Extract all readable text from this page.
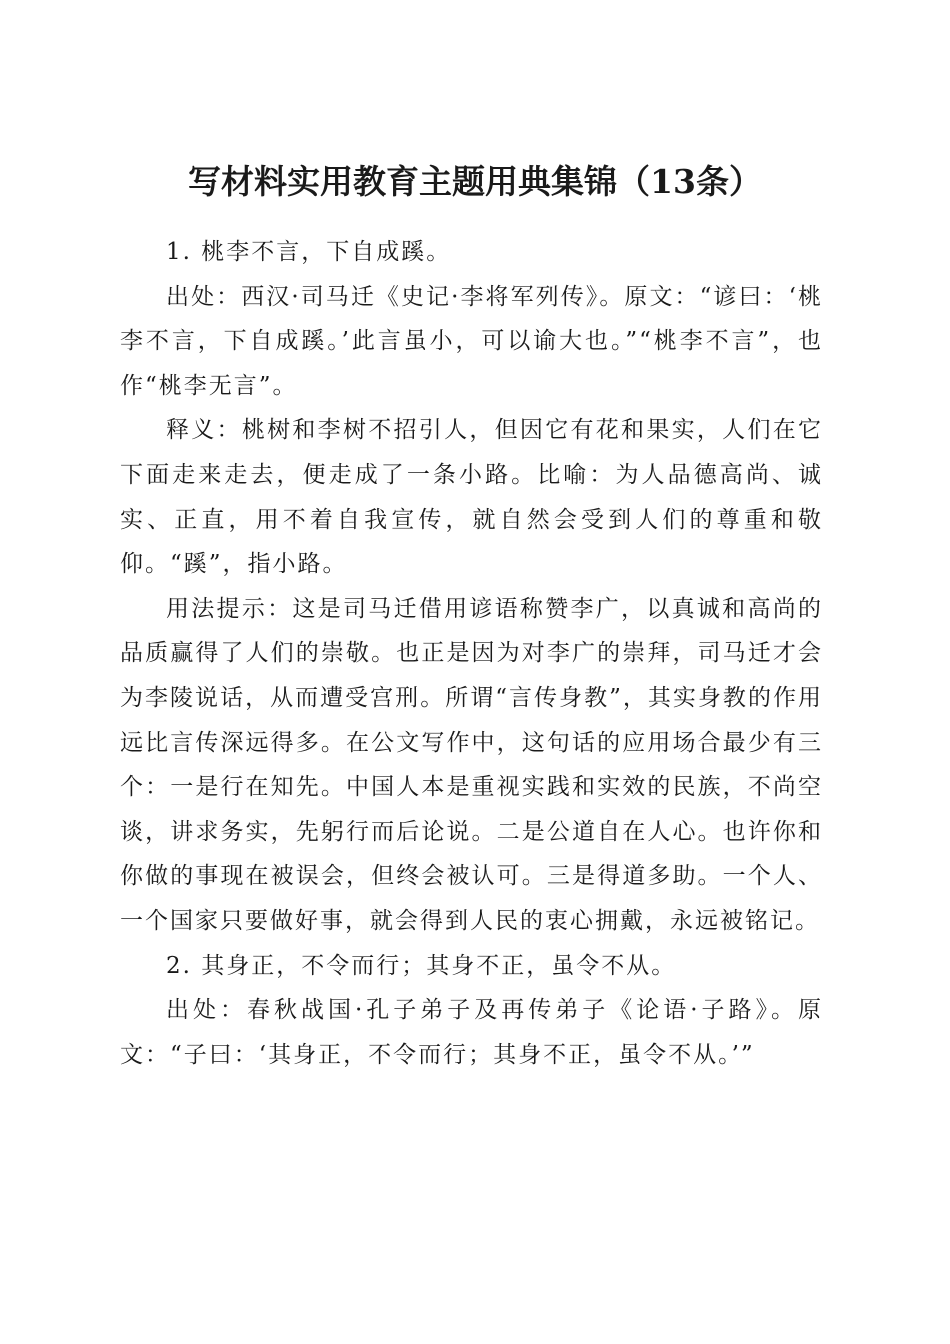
写材料实用教育主题用典集锦（13条）

1. 桃李不言，下自成蹊。

出处：西汉·司马迁《史记·李将军列传》。原文：“谚曰：‘桃李不言，下自成蹊。’此言虽小，可以谕大也。”“桃李不言”，也作“桃李无言”。

释义：桃树和李树不招引人，但因它有花和果实，人们在它下面走来走去，便走成了一条小路。比喻：为人品德高尚、诚实、正直，用不着自我宣传，就自然会受到人们的尊重和敬仰。“蹊”，指小路。

用法提示：这是司马迁借用谚语称赞李广，以真诚和高尚的品质赢得了人们的崇敬。也正是因为对李广的崇拜，司马迁才会为李陵说话，从而遭受宫刑。所谓“言传身教”，其实身教的作用远比言传深远得多。在公文写作中，这句话的应用场合最少有三个：一是行在知先。中国人本是重视实践和实效的民族，不尚空谈，讲求务实，先躬行而后论说。二是公道自在人心。也许你和你做的事现在被误会，但终会被认可。三是得道多助。一个人、一个国家只要做好事，就会得到人民的衷心拥戴，永远被铭记。

2. 其身正，不令而行；其身不正，虽令不从。

出处：春秋战国·孔子弟子及再传弟子《论语·子路》。原文：“子曰：‘其身正，不令而行；其身不正，虽令不从。’”
